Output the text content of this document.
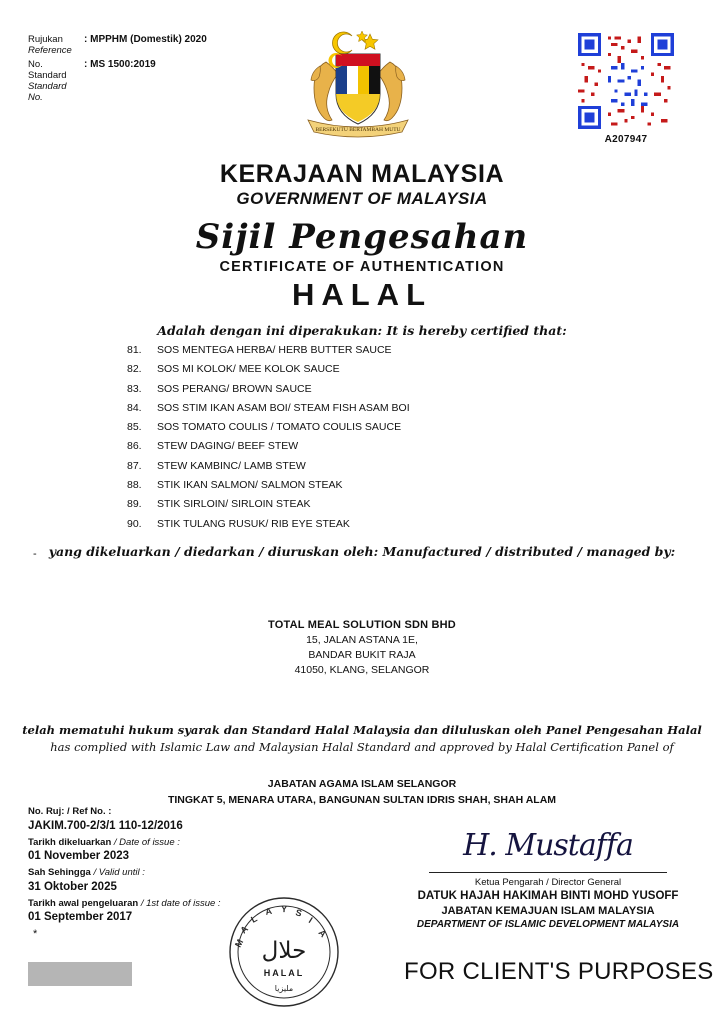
Rujukan
Reference
: MPPHM (Domestik) 2020
No.
Standard
Standard
No.
: MS 1500:2019
BERSEKUTU BERTAMBAH MUTU
A207947
KERAJAAN MALAYSIA
GOVERNMENT OF MALAYSIA
Sijil Pengesahan
CERTIFICATE OF AUTHENTICATION
HALAL
Adalah dengan ini diperakukan: It is hereby certified that:
81.	SOS MENTEGA HERBA/ HERB BUTTER SAUCE
82.	SOS MI KOLOK/ MEE KOLOK SAUCE
83.	SOS PERANG/ BROWN SAUCE
84.	SOS STIM IKAN ASAM BOI/ STEAM FISH ASAM BOI
85.	SOS TOMATO COULIS / TOMATO COULIS SAUCE
86.	STEW DAGING/ BEEF STEW
87.	STEW KAMBINC/ LAMB STEW
88.	STIK IKAN SALMON/ SALMON STEAK
89.	STIK SIRLOIN/ SIRLOIN STEAK
90.	STIK TULANG RUSUK/ RIB EYE STEAK
- yang dikeluarkan / diedarkan / diuruskan oleh: Manufactured / distributed / managed by:
TOTAL MEAL SOLUTION SDN BHD
15, JALAN ASTANA 1E,
BANDAR BUKIT RAJA
41050, KLANG, SELANGOR
telah mematuhi hukum syarak dan Standard Halal Malaysia dan diluluskan oleh Panel Pengesahan Halal
has complied with Islamic Law and Malaysian Halal Standard and approved by Halal Certification Panel of
JABATAN AGAMA ISLAM SELANGOR
TINGKAT 5, MENARA UTARA, BANGUNAN SULTAN IDRIS SHAH, SHAH ALAM
No. Ruj: / Ref No. :
JAKIM.700-2/3/1 110-12/2016
Tarikh dikeluarkan / Date of issue :
01 November 2023
Sah Sehingga / Valid until :
31 Oktober 2025
Tarikh awal pengeluaran / 1st date of issue :
01 September 2017
*
H. Mustaffa
Ketua Pengarah / Director General
DATUK HAJAH HAKIMAH BINTI MOHD YUSOFF
JABATAN KEMAJUAN ISLAM MALAYSIA
DEPARTMENT OF ISLAMIC DEVELOPMENT MALAYSIA
M
A
L
A Y S
I
A
حلال
HALAL
مليزيا
FOR CLIENT'S PURPOSES
